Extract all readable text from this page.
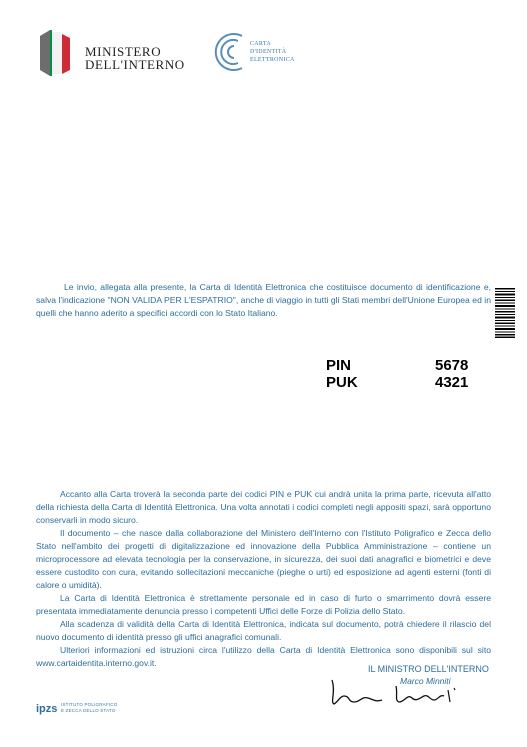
MINISTERO
DELL'INTERNO
CARTA
D'IDENTITÀ
ELETTRONICA
Le invio, allegata alla presente, la Carta di Identità Elettronica che costituisce documento di identificazione e, salva l'indicazione "NON VALIDA PER L'ESPATRIO", anche di viaggio in tutti gli Stati membri dell'Unione Europea ed in quelli che hanno aderito a specifici accordi con lo Stato Italiano.
PIN	5678
PUK	4321

Accanto alla Carta troverà la seconda parte dei codici PIN e PUK cui andrà unita la prima parte, ricevuta all'atto della richiesta della Carta di Identità Elettronica. Una volta annotati i codici completi negli appositi spazi, sarà opportuno conservarli in modo sicuro.

Il documento – che nasce dalla collaborazione del Ministero dell'Interno con l'Istituto Poligrafico e Zecca dello Stato nell'ambito dei progetti di digitalizzazione ed innovazione della Pubblica Amministrazione – contiene un microprocessore ad elevata tecnologia per la conservazione, in sicurezza, dei suoi dati anagrafici e biometrici e deve essere custodito con cura, evitando sollecitazioni meccaniche (pieghe o urti) ed esposizione ad agenti esterni (fonti di calore o umidità).

La Carta di Identità Elettronica è strettamente personale ed in caso di furto o smarrimento dovrà essere presentata immediatamente denuncia presso i competenti Uffici delle Forze di Polizia dello Stato.

Alla scadenza di validità della Carta di Identità Elettronica, indicata sul documento, potrà chiedere il rilascio del nuovo documento di identità presso gli uffici anagrafici comunali.

Ulteriori informazioni ed istruzioni circa l'utilizzo della Carta di Identità Elettronica sono disponibili sul sito www.cartaidentita.interno.gov.it.

IL MINISTRO DELL'INTERNO
Marco Minniti
ipzs ISTITUTO POLIGRAFICO
E ZECCA DELLO STATO
